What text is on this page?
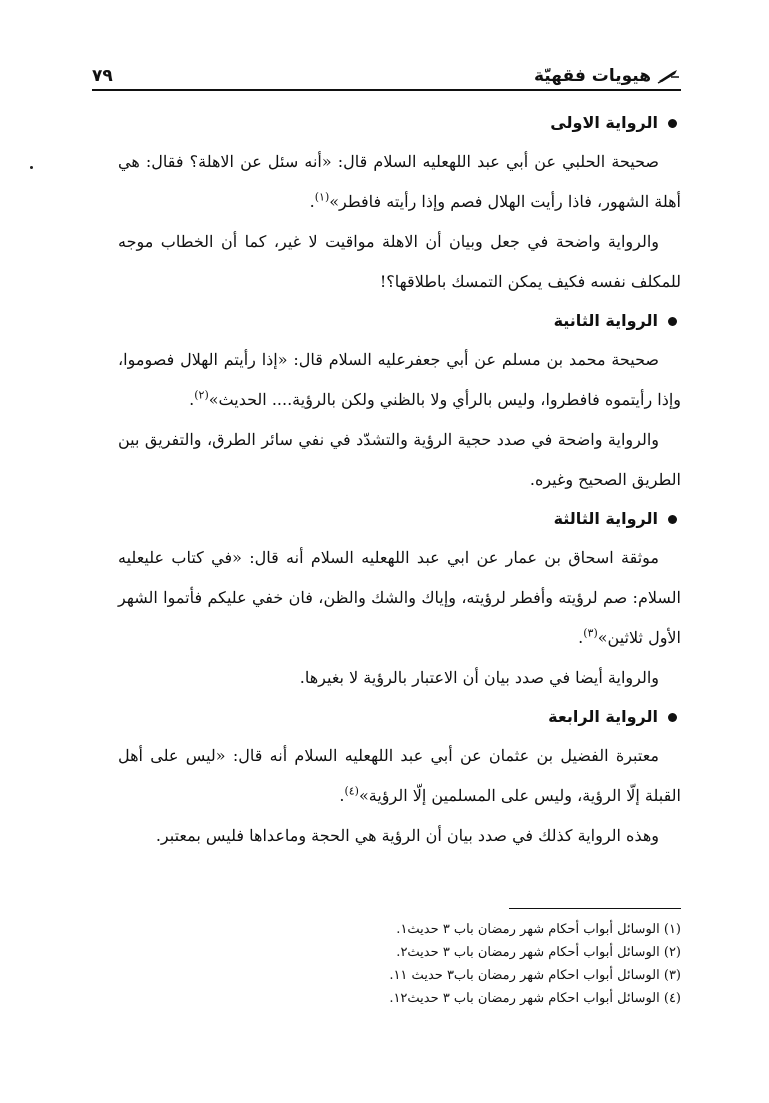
هيويات فقهيّة
٧٩
الرواية الاولى

صحيحة الحلبي عن أبي عبد اللهعليه السلام قال: «أنه سئل عن الاهلة؟ فقال: هي أهلة الشهور، فاذا رأيت الهلال فصم وإذا رأيته فافطر»$^{(١)}$.

والرواية واضحة في جعل وبيان أن الاهلة مواقيت لا غير، كما أن الخطاب موجه للمكلف نفسه فكيف يمكن التمسك باطلاقها؟!

الرواية الثانية

صحيحة محمد بن مسلم عن أبي جعفرعليه السلام قال: «إذا رأيتم الهلال فصوموا، وإذا رأيتموه فافطروا، وليس بالرأي ولا بالظني ولكن بالرؤية.... الحديث»$^{(٢)}$.

والرواية واضحة في صدد حجية الرؤية والتشدّد في نفي سائر الطرق، والتفريق بين الطريق الصحيح وغيره.

الرواية الثالثة

موثقة اسحاق بن عمار عن ابي عبد اللهعليه السلام أنه قال: «في كتاب عليعليه السلام: صم لرؤيته وأفطر لرؤيته، وإياك والشك والظن، فان خفي عليكم فأتموا الشهر الأول ثلاثين»$^{(٣)}$.

والرواية أيضا في صدد بيان أن الاعتبار بالرؤية لا بغيرها.

الرواية الرابعة

معتبرة الفضيل بن عثمان عن أبي عبد اللهعليه السلام أنه قال: «ليس على أهل القبلة إلّا الرؤية، وليس على المسلمين إلّا الرؤية»$^{(٤)}$.

وهذه الرواية كذلك في صدد بيان أن الرؤية هي الحجة وماعداها فليس بمعتبر.

(١) الوسائل أبواب أحكام شهر رمضان باب ٣ حديث١.
(٢) الوسائل أبواب أحكام شهر رمضان باب ٣ حديث٢.
(٣) الوسائل أبواب احكام شهر رمضان باب٣ حديث ١١.
(٤) الوسائل أبواب احكام شهر رمضان باب ٣ حديث١٢.
